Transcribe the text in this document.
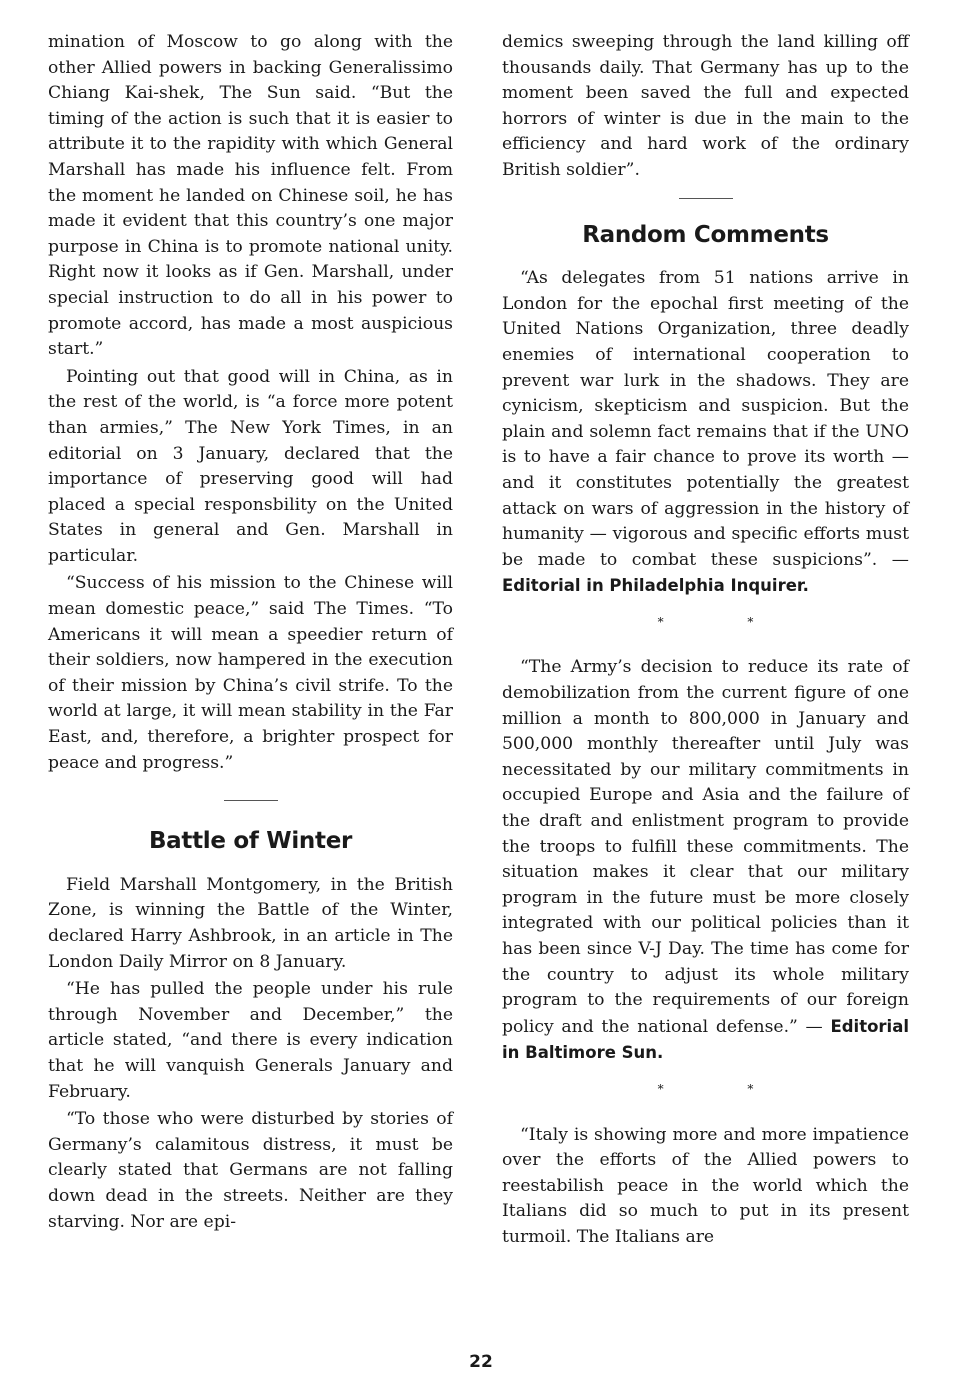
mination of Moscow to go along with the other Allied powers in backing Generalissimo Chiang Kai-shek, The Sun said. “But the timing of the action is such that it is easier to attribute it to the rapidity with which General Marshall has made his influence felt. From the moment he landed on Chinese soil, he has made it evident that this country’s one major purpose in China is to promote national unity. Right now it looks as if Gen. Marshall, under special instruction to do all in his power to promote accord, has made a most auspicious start.”

Pointing out that good will in China, as in the rest of the world, is “a force more potent than armies,” The New York Times, in an editorial on 3 January, declared that the importance of preserving good will had placed a special responsbility on the United States in general and Gen. Marshall in particular.

“Success of his mission to the Chinese will mean domestic peace,” said The Times. “To Americans it will mean a speedier return of their soldiers, now hampered in the execution of their mission by China’s civil strife. To the world at large, it will mean stability in the Far East, and, therefore, a brighter prospect for peace and progress.”

Battle of Winter

Field Marshall Montgomery, in the British Zone, is winning the Battle of the Winter, declared Harry Ashbrook, in an article in The London Daily Mirror on 8 January.

“He has pulled the people under his rule through November and December,” the article stated, “and there is every indication that he will vanquish Generals January and February.

“To those who were disturbed by stories of Germany’s calamitous distress, it must be clearly stated that Germans are not falling down dead in the streets. Neither are they starving. Nor are epi-

demics sweeping through the land killing off thousands daily. That Germany has up to the moment been saved the full and expected horrors of winter is due in the main to the efficiency and hard work of the ordinary British soldier”.

Random Comments

“As delegates from 51 nations arrive in London for the epochal first meeting of the United Nations Organization, three deadly enemies of international cooperation to prevent war lurk in the shadows. They are cynicism, skepticism and suspicion. But the plain and solemn fact remains that if the UNO is to have a fair chance to prove its worth — and it constitutes potentially the greatest attack on wars of aggression in the history of humanity — vigorous and specific efforts must be made to combat these suspicions”. — Editorial in Philadelphia Inquirer.

* *

“The Army’s decision to reduce its rate of demobilization from the current figure of one million a month to 800,000 in January and 500,000 monthly thereafter until July was necessitated by our military commitments in occupied Europe and Asia and the failure of the draft and enlistment program to provide the troops to fulfill these commitments. The situation makes it clear that our military program in the future must be more closely integrated with our political policies than it has been since V-J Day. The time has come for the country to adjust its whole military program to the requirements of our foreign policy and the national defense.” — Editorial in Baltimore Sun.

* *

“Italy is showing more and more impatience over the efforts of the Allied powers to reestabilish peace in the world which the Italians did so much to put in its present turmoil. The Italians are

22
